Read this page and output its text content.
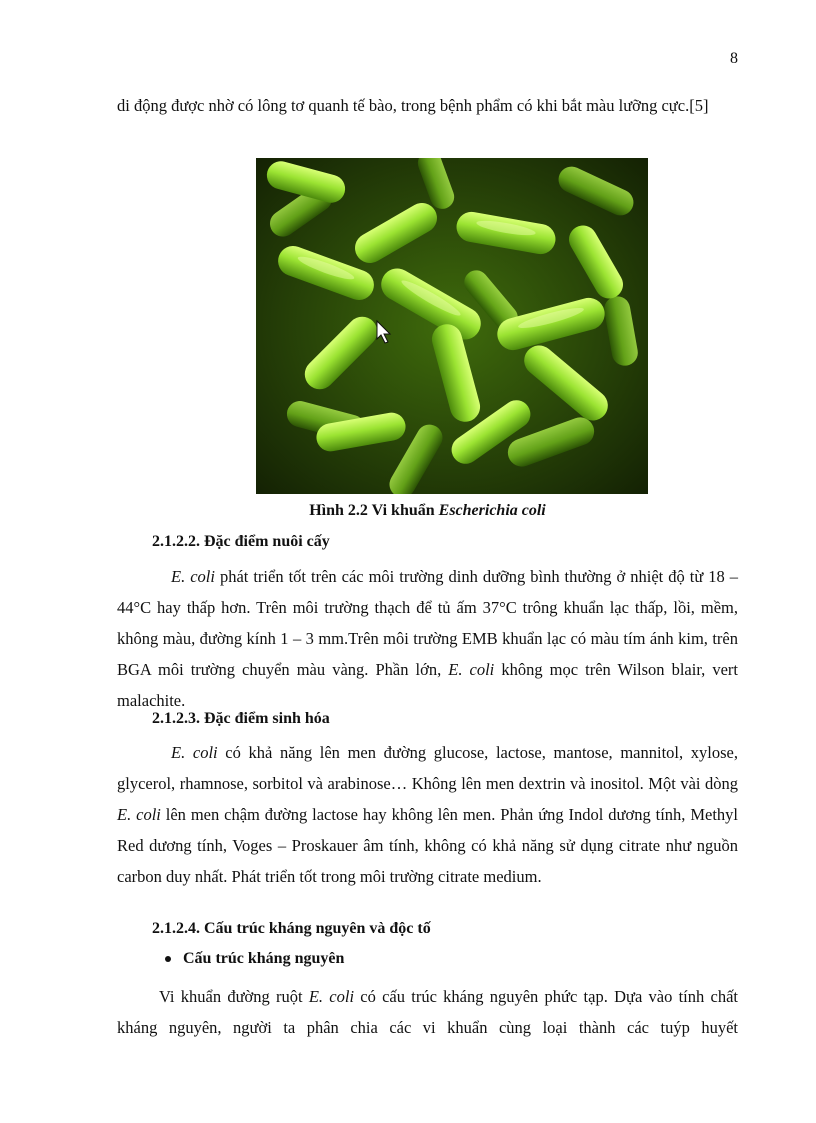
8

di động được nhờ có lông tơ quanh tế bào, trong bệnh phẩm có khi bắt màu lưỡng cực.[5]

Hình 2.2 Vi khuẩn Escherichia coli
2.1.2.2. Đặc điểm nuôi cấy

E. coli phát triển tốt trên các môi trường dinh dưỡng bình thường ở nhiệt độ từ 18 – 44°C hay thấp hơn. Trên môi trường thạch để tủ ấm 37°C trông khuẩn lạc thấp, lồi, mềm, không màu, đường kính 1 – 3 mm.Trên môi trường EMB khuẩn lạc có màu tím ánh kim, trên BGA môi trường chuyển màu vàng. Phần lớn, E. coli không mọc trên Wilson blair, vert malachite.

2.1.2.3. Đặc điểm sinh hóa

E. coli có khả năng lên men đường glucose, lactose, mantose, mannitol, xylose, glycerol, rhamnose, sorbitol và arabinose… Không lên men dextrin và inositol. Một vài dòng E. coli lên men chậm đường lactose hay không lên men. Phản ứng Indol dương tính, Methyl Red dương tính, Voges – Proskauer âm tính, không có khả năng sử dụng citrate như nguồn carbon duy nhất. Phát triển tốt trong môi trường citrate medium.

2.1.2.4. Cấu trúc kháng nguyên và độc tố
Cấu trúc kháng nguyên

Vi khuẩn đường ruột E. coli có cấu trúc kháng nguyên phức tạp. Dựa vào tính chất kháng nguyên, người ta phân chia các vi khuẩn cùng loại thành các tuýp huyết
